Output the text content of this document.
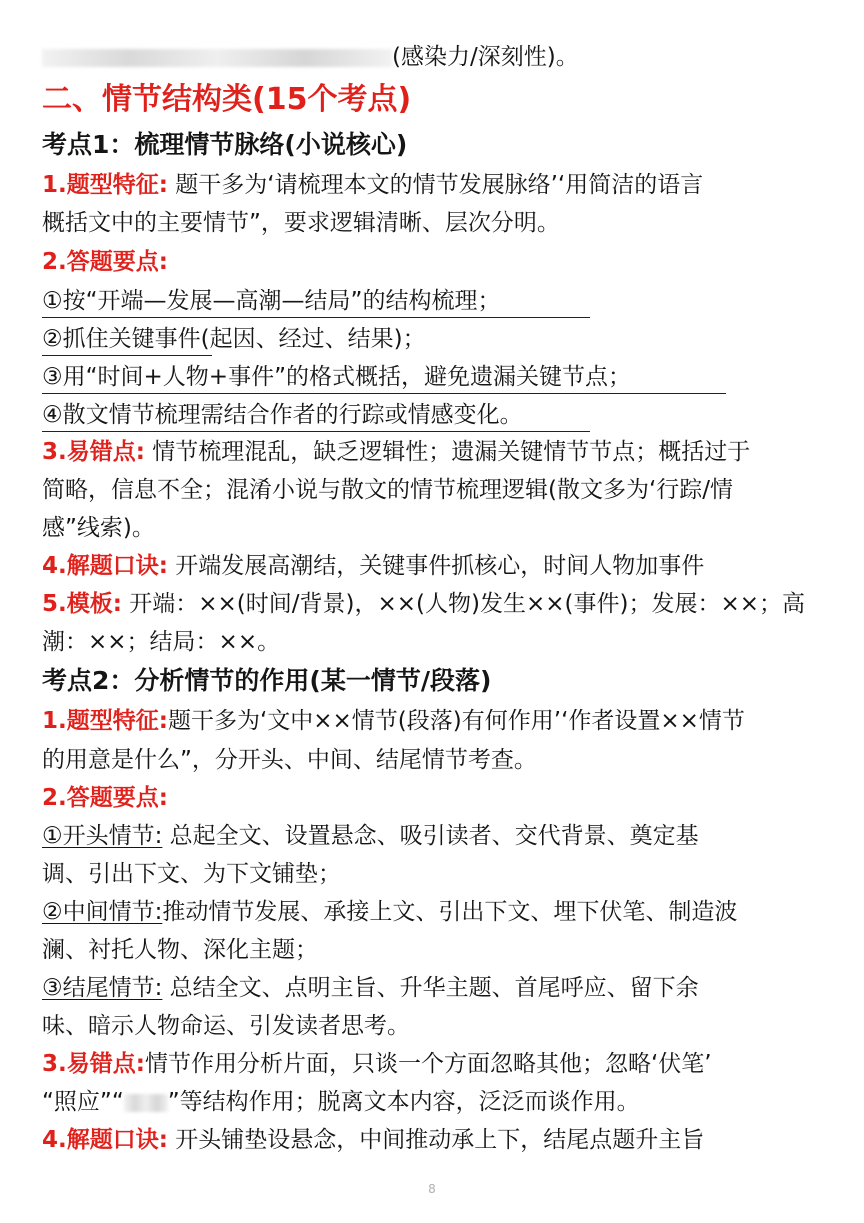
(感染力/深刻性)。
二、情节结构类(15个考点)
考点1：梳理情节脉络(小说核心)
1.题型特征: 题干多为‘请梳理本文的情节发展脉络’‘用简洁的语言
概括文中的主要情节”，要求逻辑清晰、层次分明。
2.答题要点:
①按“开端—发展—高潮—结局”的结构梳理；
②抓住关键事件(起因、经过、结果)；
③用“时间+人物+事件”的格式概括，避免遗漏关键节点；
④散文情节梳理需结合作者的行踪或情感变化。
3.易错点: 情节梳理混乱，缺乏逻辑性；遗漏关键情节节点；概括过于
简略，信息不全；混淆小说与散文的情节梳理逻辑(散文多为‘行踪/情
感”线索)。
4.解题口诀: 开端发展高潮结，关键事件抓核心，时间人物加事件
5.模板: 开端：××(时间/背景)，××(人物)发生××(事件)；发展：××；高
潮：××；结局：××。
考点2：分析情节的作用(某一情节/段落)
1.题型特征:题干多为‘文中××情节(段落)有何作用’‘作者设置××情节
的用意是什么”，分开头、中间、结尾情节考查。
2.答题要点:
①开头情节: 总起全文、设置悬念、吸引读者、交代背景、奠定基
调、引出下文、为下文铺垫；
②中间情节:推动情节发展、承接上文、引出下文、埋下伏笔、制造波
澜、衬托人物、深化主题；
③结尾情节: 总结全文、点明主旨、升华主题、首尾呼应、留下余
味、暗示人物命运、引发读者思考。
3.易错点:情节作用分析片面，只谈一个方面忽略其他；忽略‘伏笔’
“照应”“ ”等结构作用；脱离文本内容，泛泛而谈作用。
4.解题口诀: 开头铺垫设悬念，中间推动承上下，结尾点题升主旨
8
